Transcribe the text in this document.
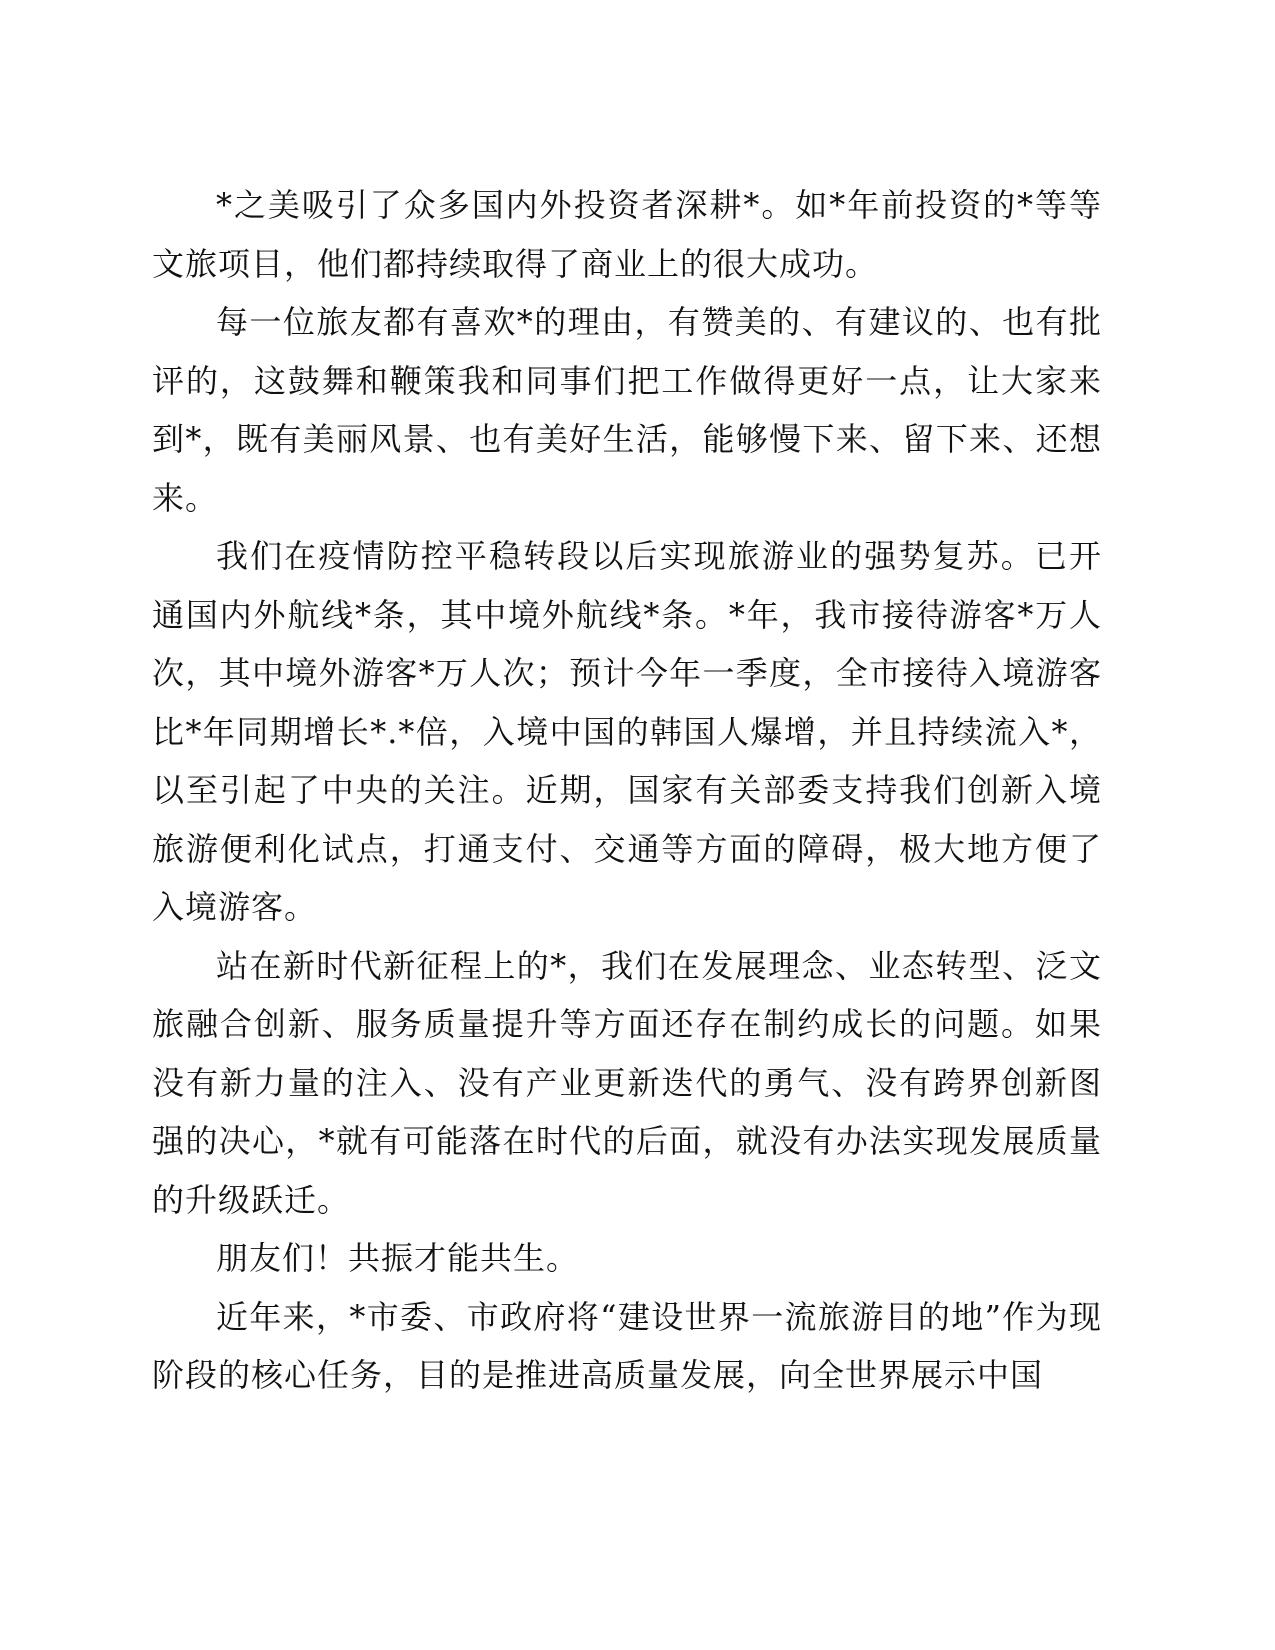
*之美吸引了众多国内外投资者深耕*。如*年前投资的*等等文旅项目，他们都持续取得了商业上的很大成功。

每一位旅友都有喜欢*的理由，有赞美的、有建议的、也有批评的，这鼓舞和鞭策我和同事们把工作做得更好一点，让大家来到*，既有美丽风景、也有美好生活，能够慢下来、留下来、还想来。

我们在疫情防控平稳转段以后实现旅游业的强势复苏。已开通国内外航线*条，其中境外航线*条。*年，我市接待游客*万人次，其中境外游客*万人次；预计今年一季度，全市接待入境游客比*年同期增长*.*倍，入境中国的韩国人爆增，并且持续流入*，以至引起了中央的关注。近期，国家有关部委支持我们创新入境旅游便利化试点，打通支付、交通等方面的障碍，极大地方便了入境游客。

站在新时代新征程上的*，我们在发展理念、业态转型、泛文旅融合创新、服务质量提升等方面还存在制约成长的问题。如果没有新力量的注入、没有产业更新迭代的勇气、没有跨界创新图强的决心，*就有可能落在时代的后面，就没有办法实现发展质量的升级跃迁。

朋友们！共振才能共生。

近年来，*市委、市政府将“建设世界一流旅游目的地”作为现阶段的核心任务，目的是推进高质量发展，向全世界展示中国
